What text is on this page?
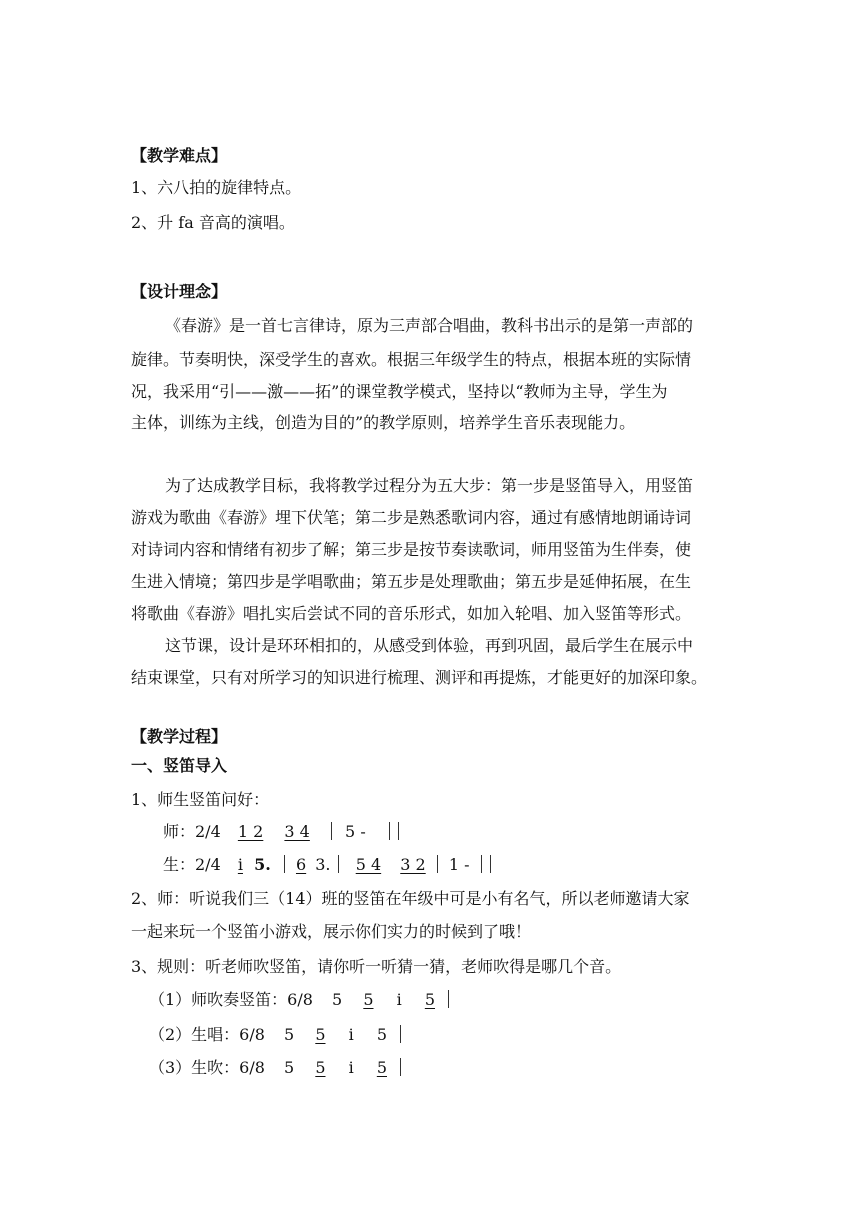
【教学难点】
1、六八拍的旋律特点。
2、升 fa 音高的演唱。
【设计理念】
《春游》是一首七言律诗，原为三声部合唱曲，教科书出示的是第一声部的
旋律。节奏明快，深受学生的喜欢。根据三年级学生的特点，根据本班的实际情
况，我采用“引——激——拓”的课堂教学模式，坚持以“教师为主导，学生为
主体，训练为主线，创造为目的”的教学原则，培养学生音乐表现能力。
为了达成教学目标，我将教学过程分为五大步：第一步是竖笛导入，用竖笛
游戏为歌曲《春游》埋下伏笔；第二步是熟悉歌词内容，通过有感情地朗诵诗词
对诗词内容和情绪有初步了解；第三步是按节奏读歌词，师用竖笛为生伴奏，使
生进入情境；第四步是学唱歌曲；第五步是处理歌曲；第五步是延伸拓展，在生
将歌曲《春游》唱扎实后尝试不同的音乐形式，如加入轮唱、加入竖笛等形式。
这节课，设计是环环相扣的，从感受到体验，再到巩固，最后学生在展示中
结束课堂，只有对所学习的知识进行梳理、测评和再提炼，才能更好的加深印象。
【教学过程】
一、竖笛导入
1、师生竖笛问好：
师：2/4 1 2 3 4 5 -
生：2/4 i 5. 6 3. 5 4 3 2 1 -
2、师：听说我们三（14）班的竖笛在年级中可是小有名气，所以老师邀请大家
一起来玩一个竖笛小游戏，展示你们实力的时候到了哦！
3、规则：听老师吹竖笛，请你听一听猜一猜，老师吹得是哪几个音。
（1）师吹奏竖笛：6/8 5 5 i 5
（2）生唱：6/8 5 5 i 5
（3）生吹：6/8 5 5 i 5
